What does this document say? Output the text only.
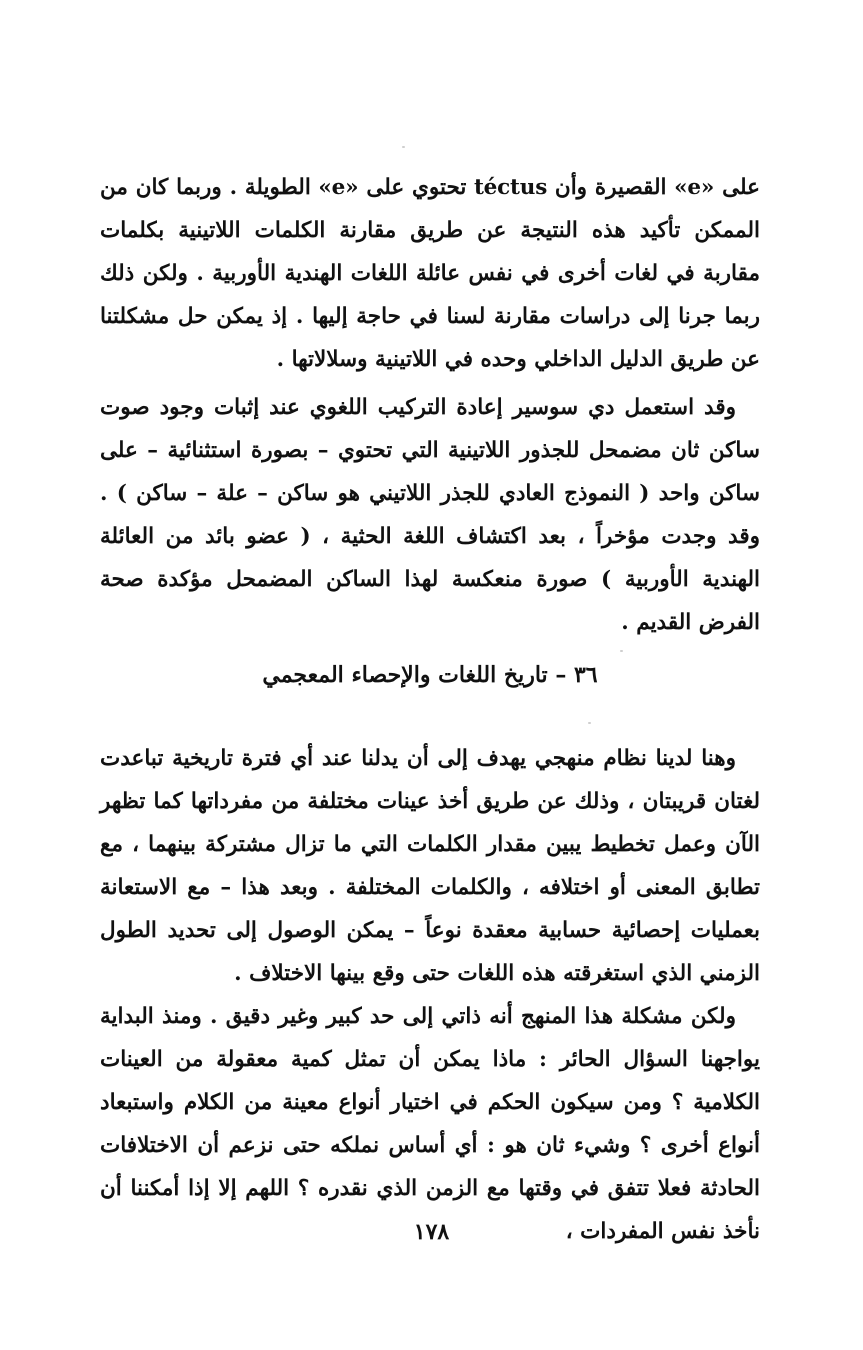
على «e» القصيرة وأن téctus تحتوي على «e» الطويلة . وربما كان من الممكن تأكيد هذه النتيجة عن طريق مقارنة الكلمات اللاتينية بكلمات مقاربة في لغات أخرى في نفس عائلة اللغات الهندية الأوربية . ولكن ذلك ربما جرنا إلى دراسات مقارنة لسنا في حاجة إليها . إذ يمكن حل مشكلتنا عن طريق الدليل الداخلي وحده في اللاتينية وسلالاتها .

وقد استعمل دي سوسير إعادة التركيب اللغوي عند إثبات وجود صوت ساكن ثان مضمحل للجذور اللاتينية التي تحتوي – بصورة استثنائية – على ساكن واحد ( النموذج العادي للجذر اللاتيني هو ساكن – علة – ساكن ) . وقد وجدت مؤخراً ، بعد اكتشاف اللغة الحثية ، ( عضو بائد من العائلة الهندية الأوربية ) صورة منعكسة لهذا الساكن المضمحل مؤكدة صحة الفرض القديم .

٣٦ – تاريخ اللغات والإحصاء المعجمي

وهنا لدينا نظام منهجي يهدف إلى أن يدلنا عند أي فترة تاريخية تباعدت لغتان قريبتان ، وذلك عن طريق أخذ عينات مختلفة من مفرداتها كما تظهر الآن وعمل تخطيط يبين مقدار الكلمات التي ما تزال مشتركة بينهما ، مع تطابق المعنى أو اختلافه ، والكلمات المختلفة . وبعد هذا – مع الاستعانة بعمليات إحصائية حسابية معقدة نوعاً – يمكن الوصول إلى تحديد الطول الزمني الذي استغرقته هذه اللغات حتى وقع بينها الاختلاف .

ولكن مشكلة هذا المنهج أنه ذاتي إلى حد كبير وغير دقيق . ومنذ البداية يواجهنا السؤال الحائر : ماذا يمكن أن تمثل كمية معقولة من العينات الكلامية ؟ ومن سيكون الحكم في اختيار أنواع معينة من الكلام واستبعاد أنواع أخرى ؟ وشيء ثان هو : أي أساس نملكه حتى نزعم أن الاختلافات الحادثة فعلا تتفق في وقتها مع الزمن الذي نقدره ؟ اللهم إلا إذا أمكننا أن نأخذ نفس المفردات ،

١٧٨
